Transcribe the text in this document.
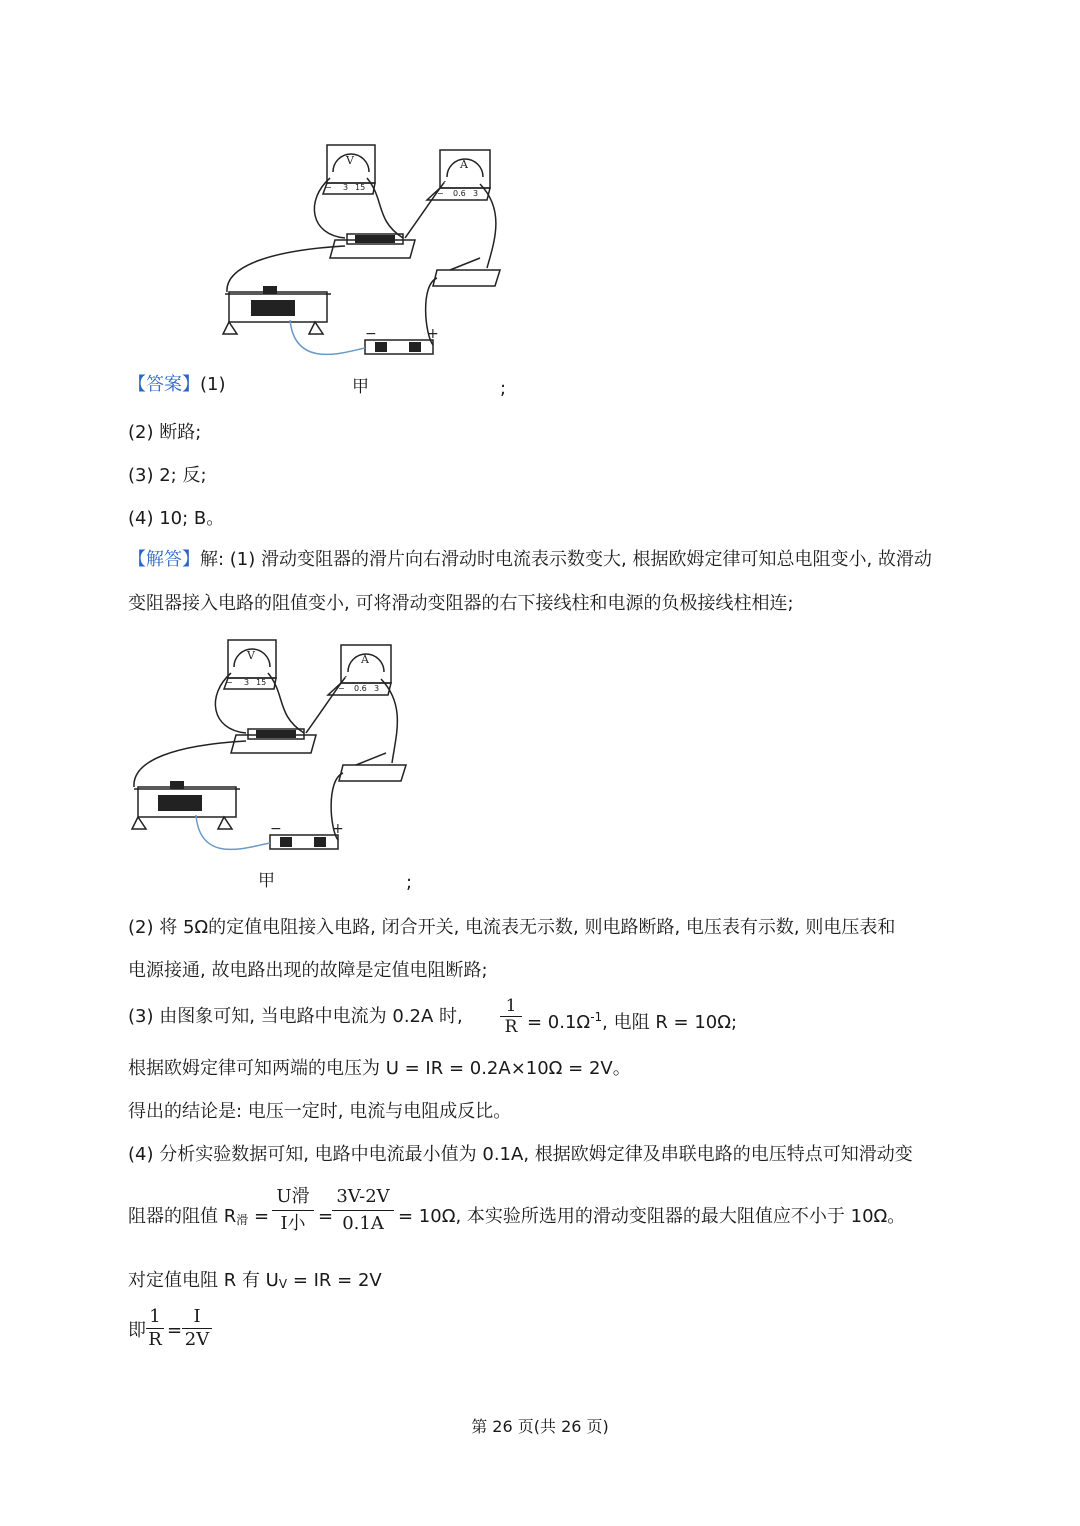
V	A
− 3 15
− 0.6 3
−	+
【答案】(1)	甲	;
(2) 断路;
(3) 2; 反;
(4) 10; B。
【解答】解: (1) 滑动变阻器的滑片向右滑动时电流表示数变大, 根据欧姆定律可知总电阻变小, 故滑动
变阻器接入电路的阻值变小, 可将滑动变阻器的右下接线柱和电源的负极接线柱相连;
V	A
− 3 15
− 0.6 3
−	+
甲	;
(2) 将 5Ω的定值电阻接入电路, 闭合开关, 电流表无示数, 则电路断路, 电压表有示数, 则电压表和
电源接通, 故电路出现的故障是定值电阻断路;
(3) 由图象可知, 当电路中电流为 0.2A 时,	1
$R = 0.1\Omega^{-1}$, 电阻 R = 10Ω;
根据欧姆定律可知两端的电压为 U = IR = 0.2A×10Ω = 2V。
得出的结论是: 电压一定时, 电流与电阻成反比。
(4) 分析实验数据可知, 电路中电流最小值为 0.1A, 根据欧姆定律及串联电路的电压特点可知滑动变
阻器的阻值 $R_滑$ =
U滑
I小 =
3V-2V
0.1A = 10Ω, 本实验所选用的滑动变阻器的最大阻值应不小于 10Ω。
对定值电阻 R 有 $U_V$ = IR = 2V
即
1
R =
I
2V
第 26 页(共 26 页)
